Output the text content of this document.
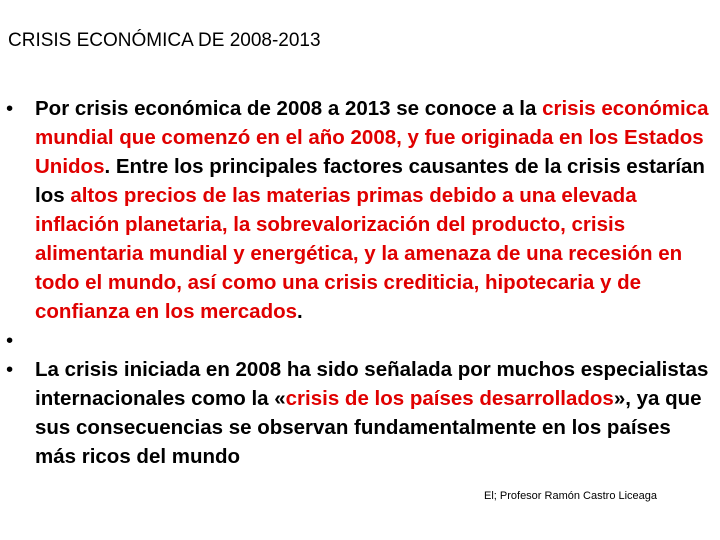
CRISIS ECONÓMICA DE 2008-2013
• Por crisis económica de 2008 a 2013 se conoce a la crisis económica mundial que comenzó en el año 2008, y fue originada en los Estados Unidos. Entre los principales factores causantes de la crisis estarían los altos precios de las materias primas debido a una elevada inflación planetaria, la sobrevalorización del producto, crisis alimentaria mundial y energética, y la amenaza de una recesión en todo el mundo, así como una crisis crediticia, hipotecaria y de confianza en los mercados.
•

• La crisis iniciada en 2008 ha sido señalada por muchos especialistas internacionales como la «crisis de los países desarrollados», ya que sus consecuencias se observan fundamentalmente en los países más ricos del mundo
El; Profesor Ramón Castro Liceaga
